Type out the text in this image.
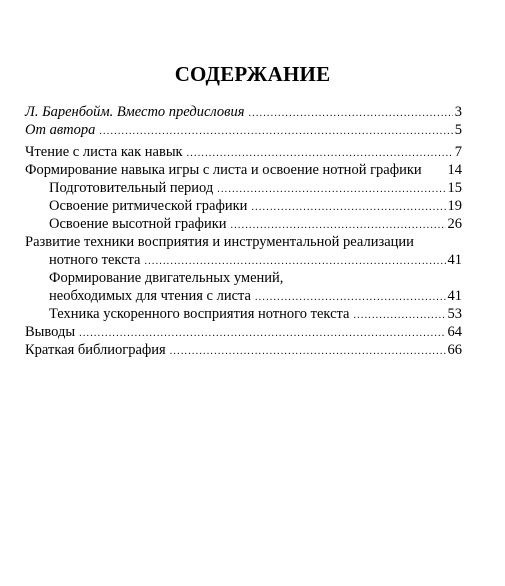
СОДЕРЖАНИЕ
Л. Баренбойм. Вместо предисловия .....	3
От автора .....	5
Чтение с листа как навык .....	7
Формирование навыка игры с листа и освоение нотной графики 14
Подготовительный период .....	15
Освоение ритмической графики .....	19
Освоение высотной графики .....	26
Развитие техники восприятия и инструментальной реализации
нотного текста .....	41
Формирование двигательных умений,
необходимых для чтения с листа .....	41
Техника ускоренного восприятия нотного текста .....	53
Выводы .....	64
Краткая библиография .....	66
